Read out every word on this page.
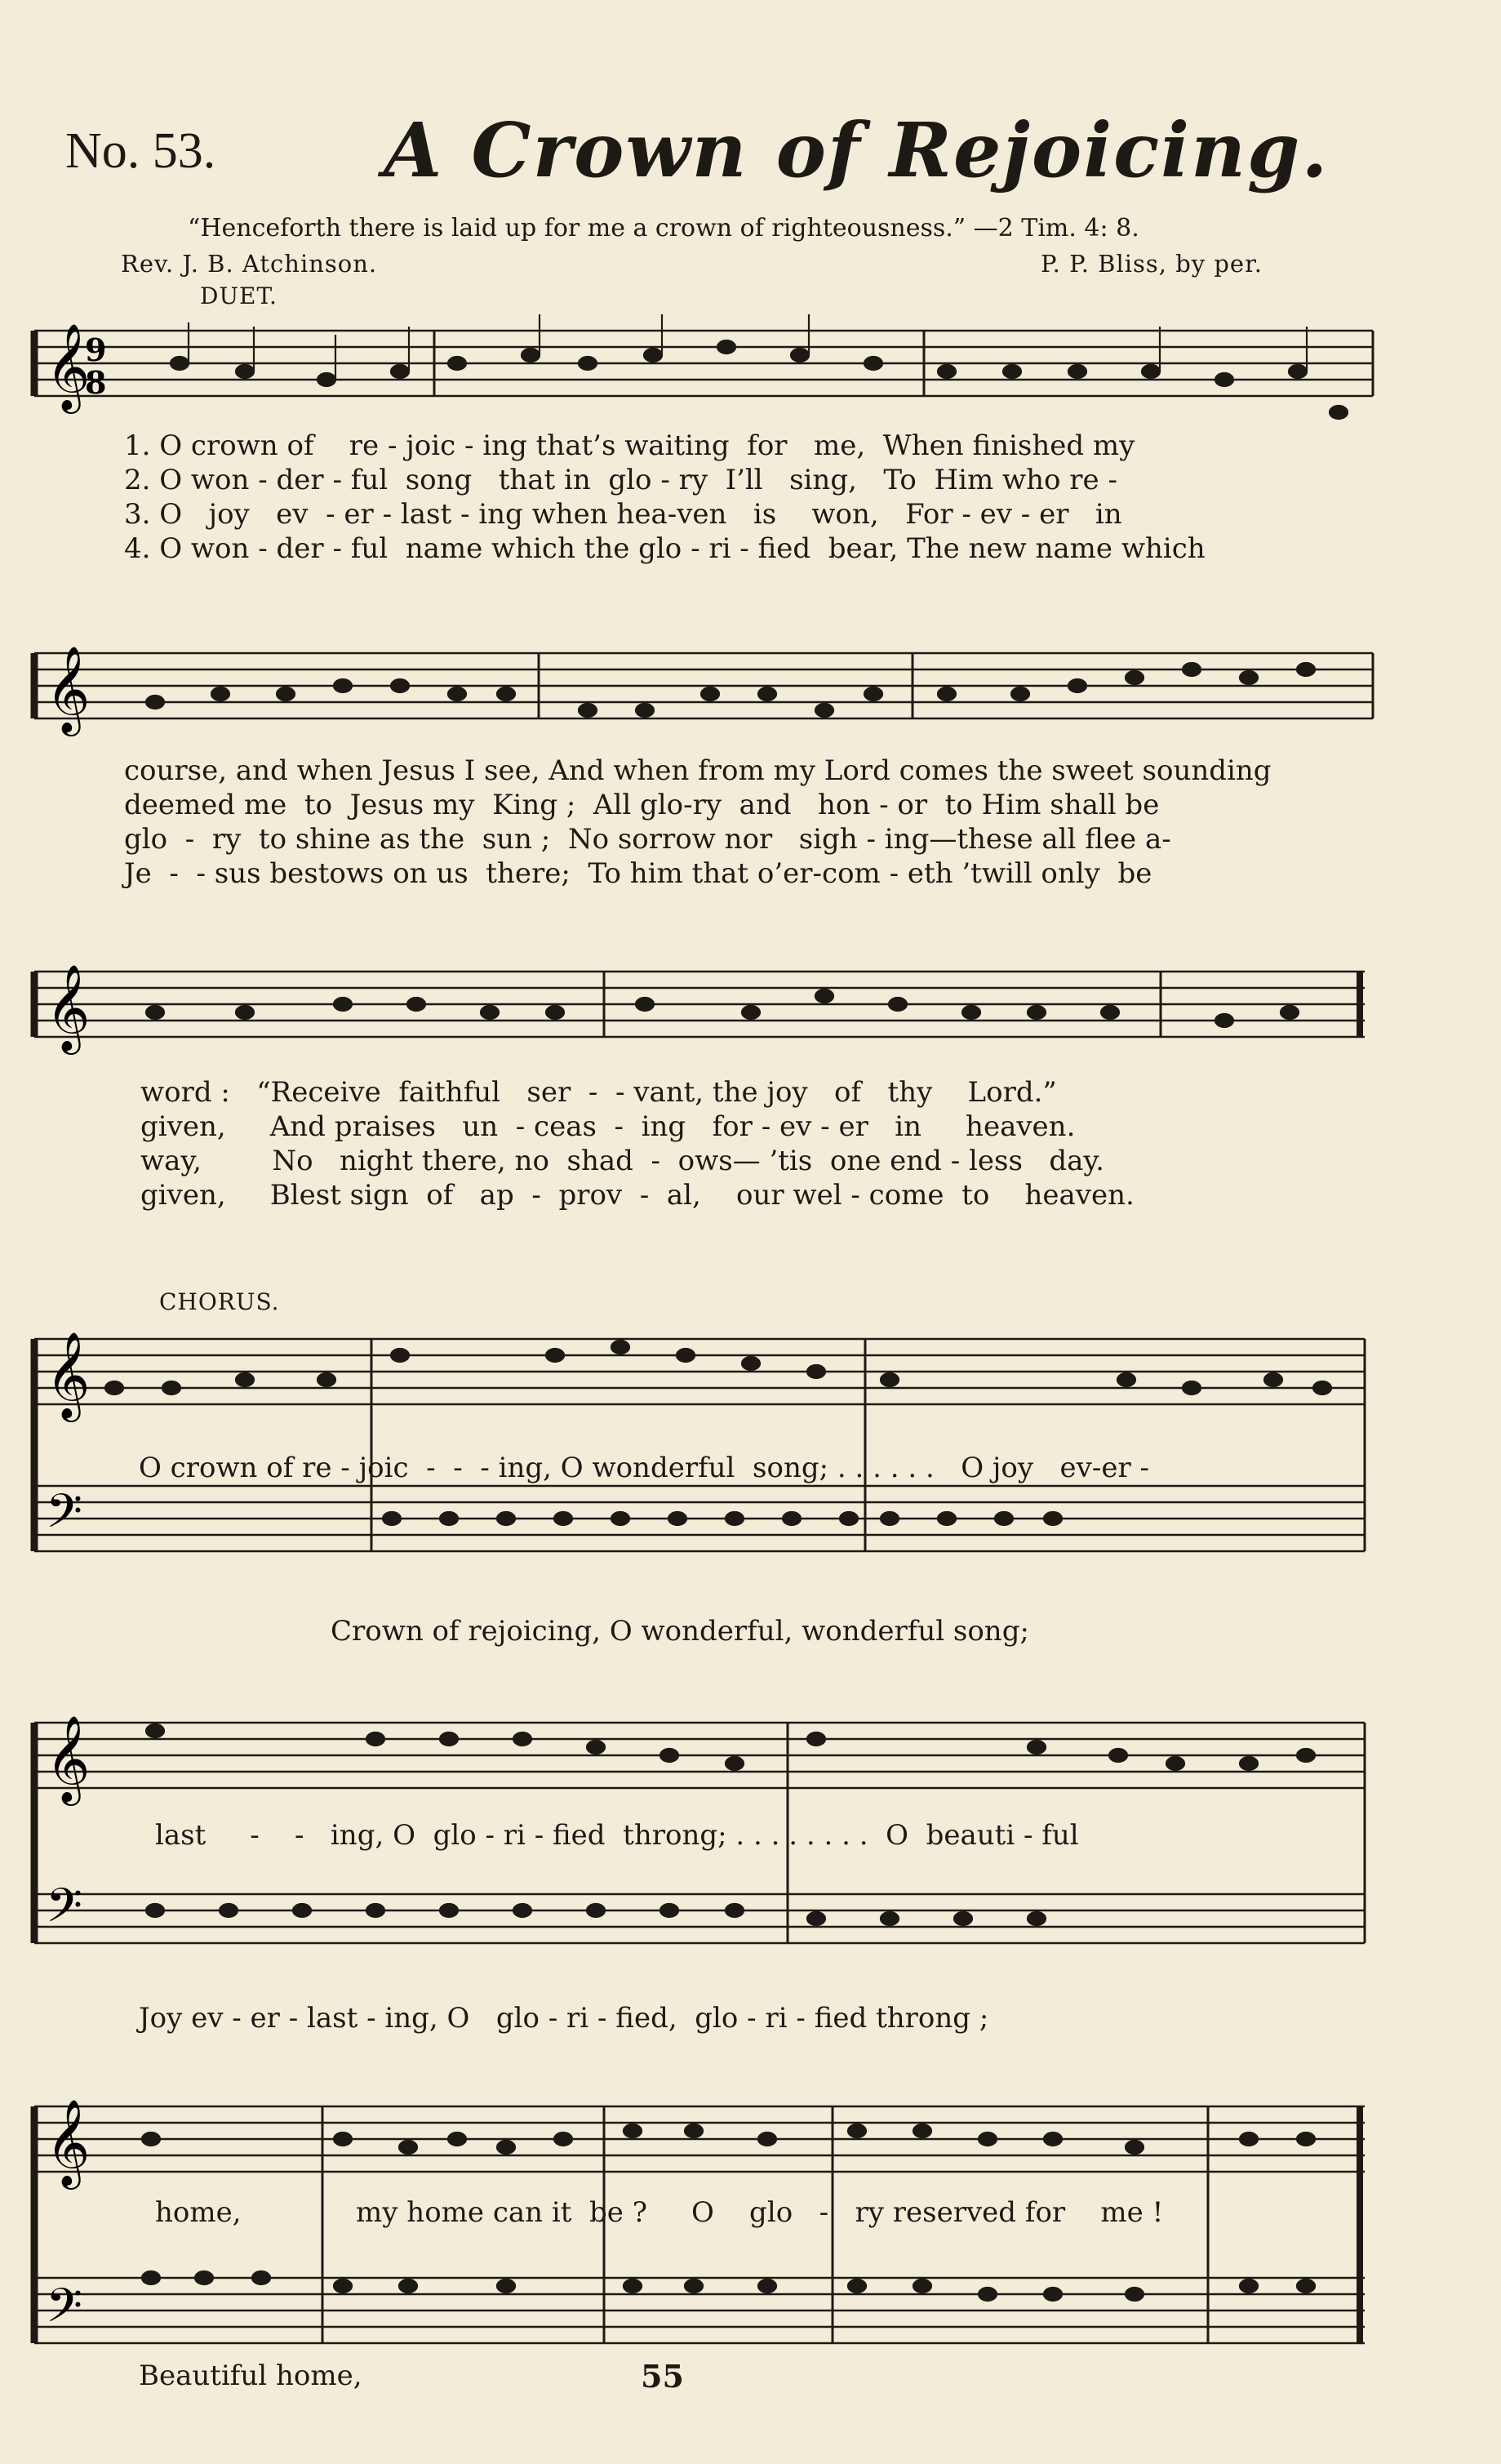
No. 53. A Crown of Rejoicing.
“Henceforth there is laid up for me a crown of righteousness.” —2 Tim. 4: 8.
Rev. J. B. Atchinson.	P. P. Bliss, by per.
DUET.
𝄞
9
8
1. O crown of    re - joic - ing that’s waiting  for   me,  When finished my
2. O won - der - ful  song   that in  glo - ry  I’ll   sing,   To  Him who re -
3. O   joy   ev  - er - last - ing when hea-ven   is    won,   For - ev - er   in
4. O won - der - ful  name which the glo - ri - fied  bear, The new name which
𝄞
course, and when Jesus I see, And when from my Lord comes the sweet sounding
deemed me  to  Jesus my  King ;  All glo-ry  and   hon - or  to Him shall be
glo  -  ry  to shine as the  sun ;  No sorrow nor   sigh - ing—these all flee a-
Je  -  - sus bestows on us  there;  To him that o’er-com - eth ’twill only  be
𝄞
word :   “Receive  faithful   ser  -  - vant, the joy   of   thy    Lord.”
given,     And praises   un  - ceas  -  ing   for - ev - er   in     heaven.
way,        No   night there, no  shad  -  ows— ’tis  one end - less   day.
given,     Blest sign  of   ap  -  prov  -  al,    our wel - come  to    heaven.
CHORUS.
𝄞
𝄢
O crown of re - joic  -  -  - ing, O wonderful  song; . . . . . .   O joy   ev-er -
Crown of rejoicing, O wonderful, wonderful song;
𝄞
𝄢
last     -    -   ing, O  glo - ri - fied  throng; . . . . . . . .  O  beauti - ful
Joy ev - er - last - ing, O   glo - ri - fied,  glo - ri - fied throng ;
𝄞
𝄢
home,             my home can it  be ?     O    glo   -   ry reserved for    me !
Beautiful home,	55
